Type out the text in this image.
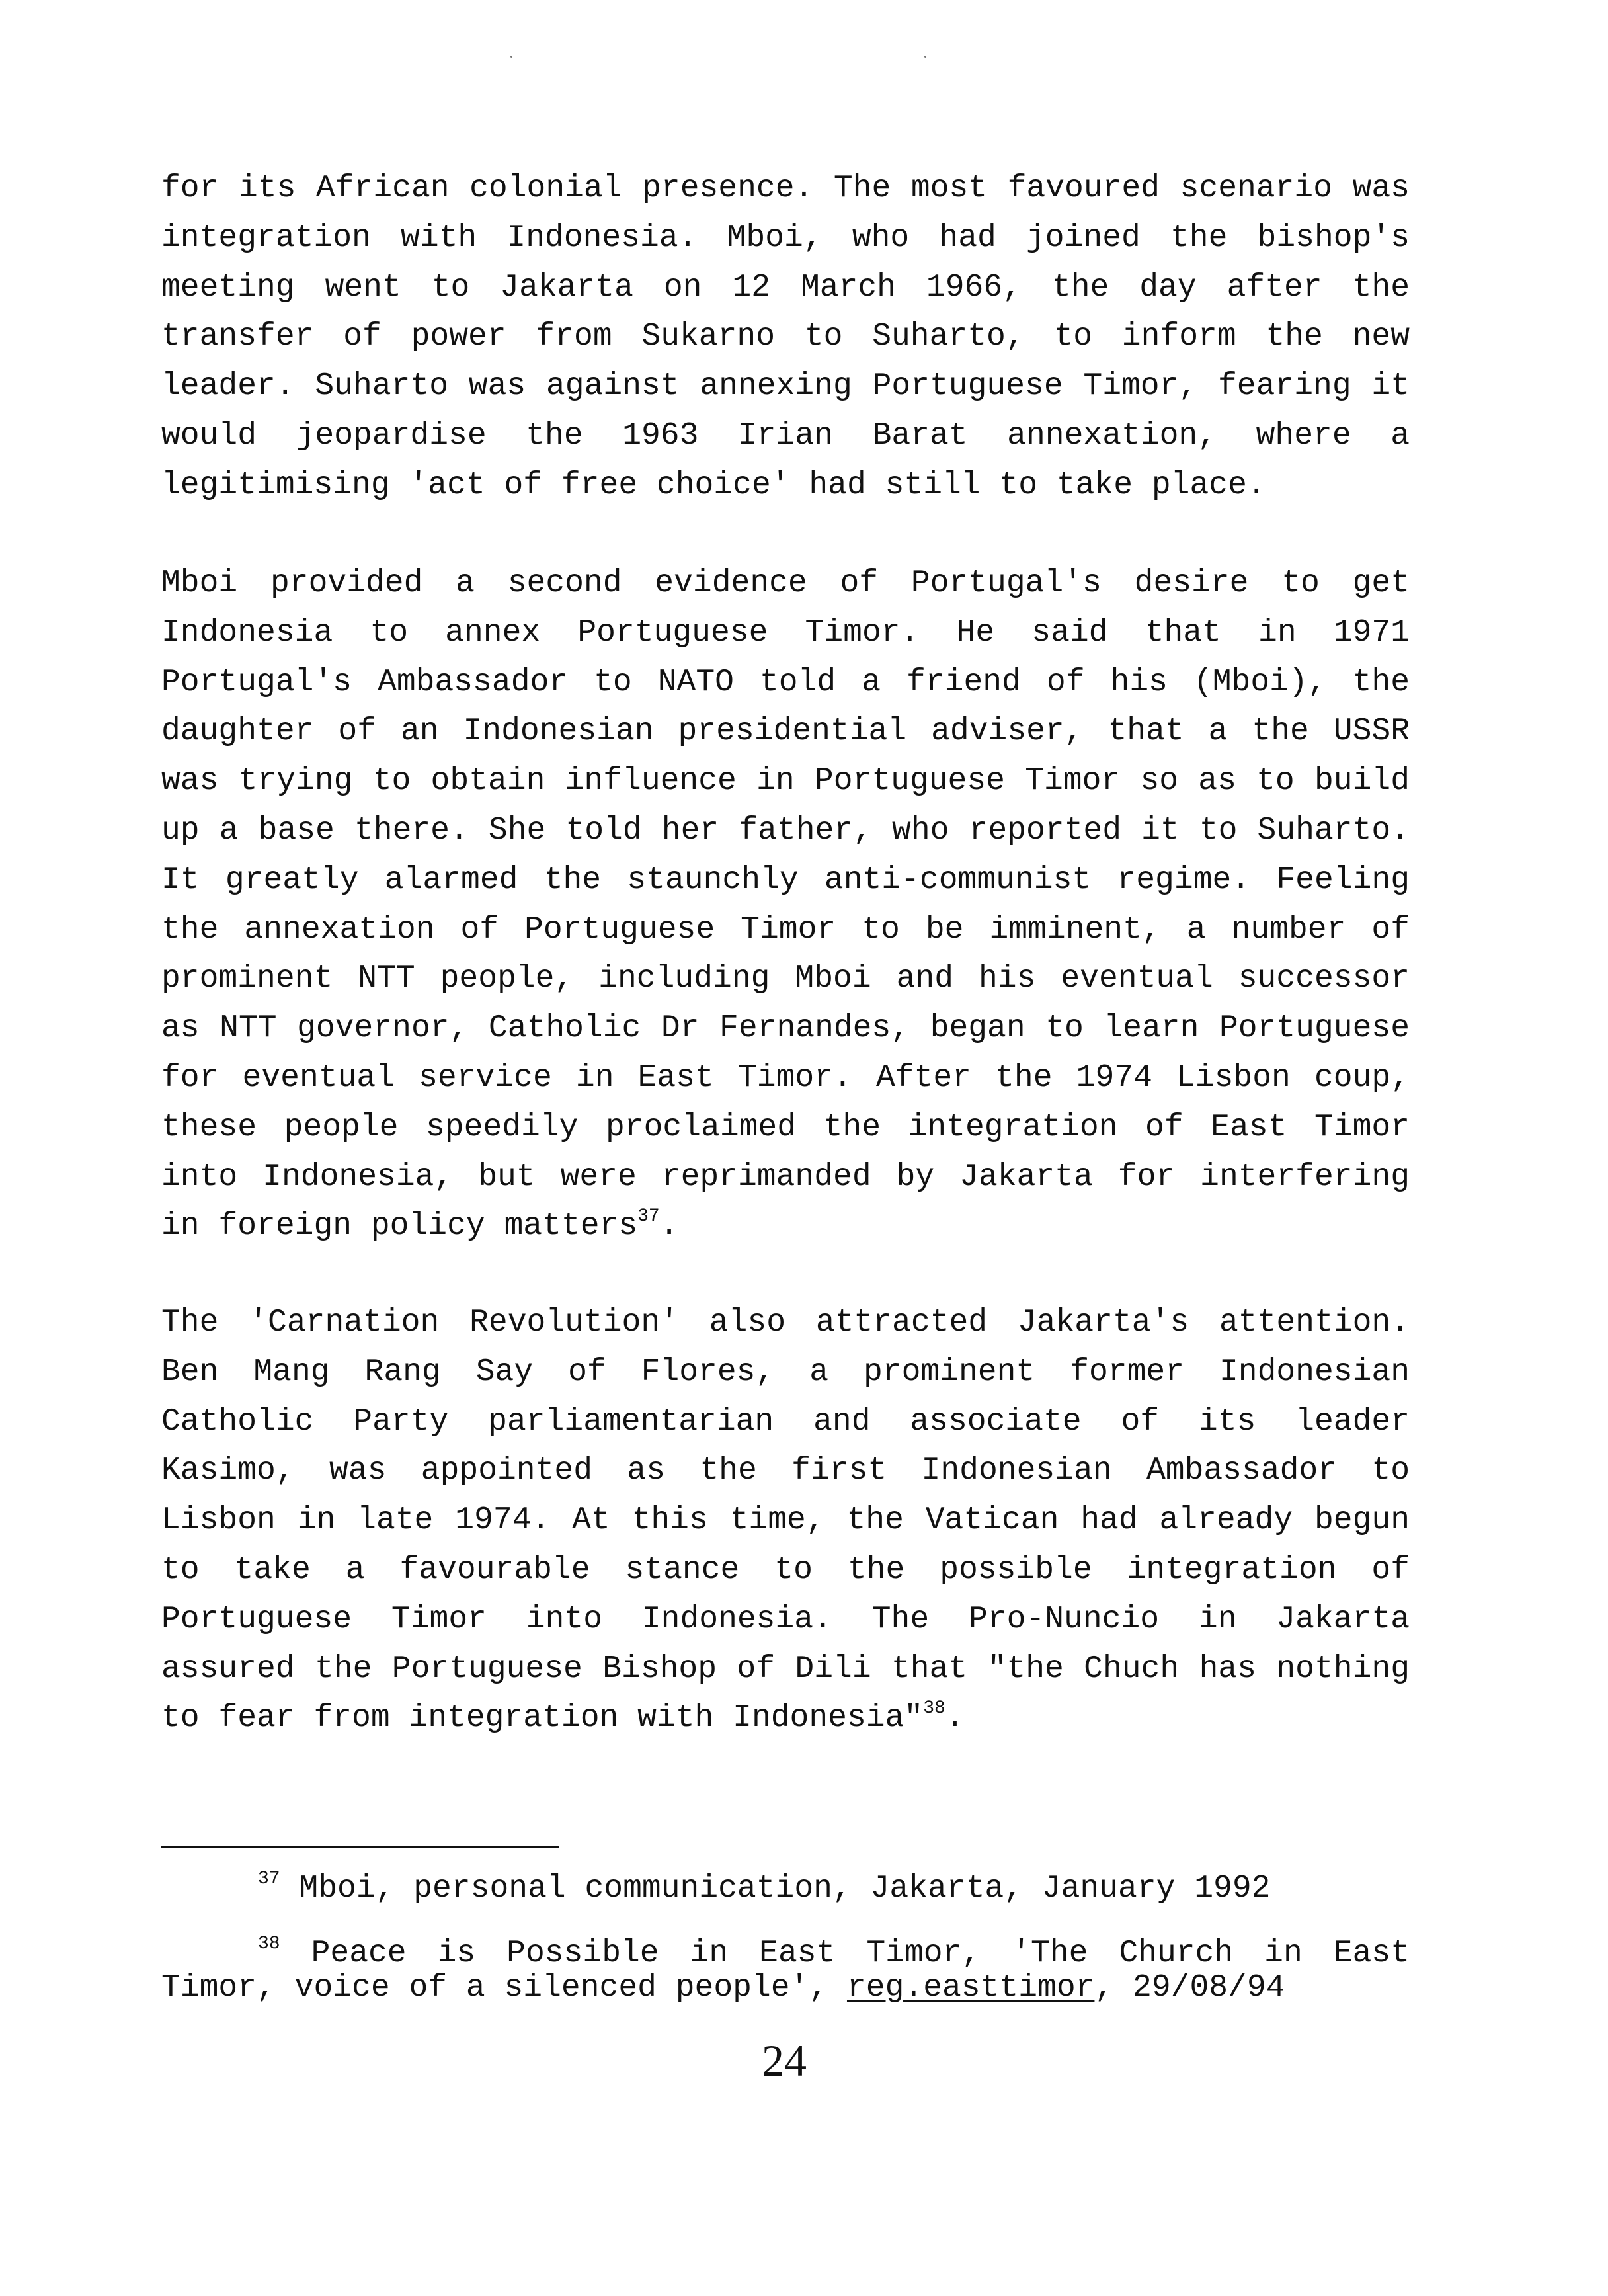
for its African colonial presence. The most favoured scenario was integration with Indonesia. Mboi, who had joined the bishop's meeting went to Jakarta on 12 March 1966, the day after the transfer of power from Sukarno to Suharto, to inform the new leader. Suharto was against annexing Portuguese Timor, fearing it would jeopardise the 1963 Irian Barat annexation, where a legitimising 'act of free choice' had still to take place.

Mboi provided a second evidence of Portugal's desire to get Indonesia to annex Portuguese Timor. He said that in 1971 Portugal's Ambassador to NATO told a friend of his (Mboi), the daughter of an Indonesian presidential adviser, that a the USSR was trying to obtain influence in Portuguese Timor so as to build up a base there. She told her father, who reported it to Suharto. It greatly alarmed the staunchly anti-communist regime. Feeling the annexation of Portuguese Timor to be imminent, a number of prominent NTT people, including Mboi and his eventual successor as NTT governor, Catholic Dr Fernandes, began to learn Portuguese for eventual service in East Timor. After the 1974 Lisbon coup, these people speedily proclaimed the integration of East Timor into Indonesia, but were reprimanded by Jakarta for interfering in foreign policy matters$^{37}$.

The 'Carnation Revolution' also attracted Jakarta's attention. Ben Mang Rang Say of Flores, a prominent former Indonesian Catholic Party parliamentarian and associate of its leader Kasimo, was appointed as the first Indonesian Ambassador to Lisbon in late 1974. At this time, the Vatican had already begun to take a favourable stance to the possible integration of Portuguese Timor into Indonesia. The Pro-Nuncio in Jakarta assured the Portuguese Bishop of Dili that "the Chuch has nothing to fear from integration with Indonesia"$^{38}$.

$^{37}$ Mboi, personal communication, Jakarta, January 1992

$^{38}$ Peace is Possible in East Timor, 'The Church in East Timor, voice of a silenced people', reg.easttimor, 29/08/94

24
